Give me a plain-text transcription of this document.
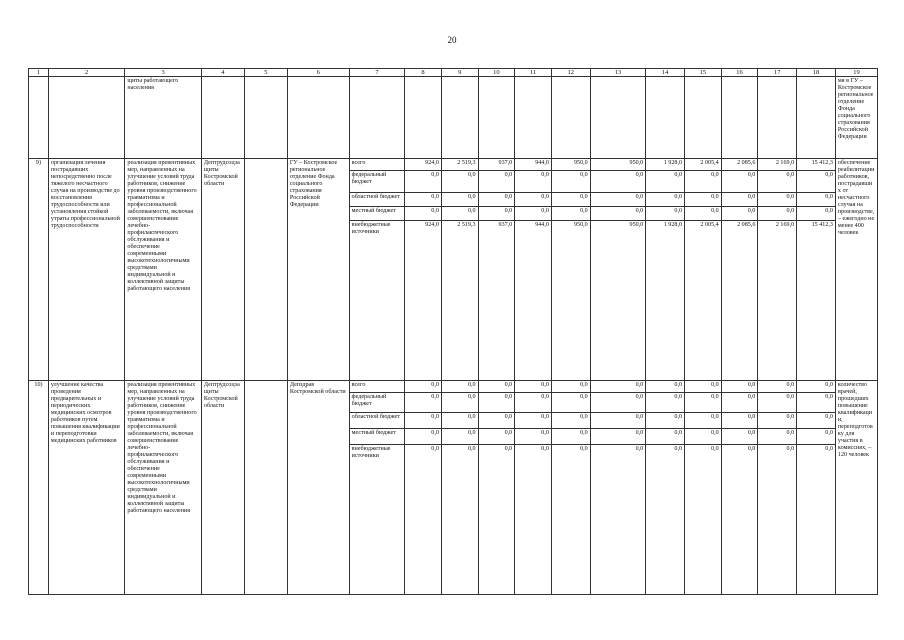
20
1	2	3	4	5	6	7	8	9	10	11	12	13	14	15	16	17	18	19
		щиты работающего населения																мя в ГУ – Костромское региональное отделение Фонда социального страхования Российской Федерации
9)	организация лечения пострадавших непосредственно после тяжелого несчастного случая на производстве до восстановления трудоспособности или установления стойкой утраты профессиональной трудоспособности	реализация превентивных мер, направленных на улучшение условий труда работников, снижение уровня производственного травматизма и профессиональной заболеваемости, включая совершенствование лечебно-профилактического обслуживания и обеспечение современными высокотехнологичными средствами индивидуальной и коллективной защиты работающего населения	Дептрудсоцзащиты Костромской области		ГУ – Костромское региональное отделение Фонда социального страхования Российской Федерации	всего	924,0	2 519,3	937,0	944,0	950,0	950,0	1 928,0	2 005,4	2 085,6	2 169,0	15 412,3	обеспечение реабилитации работников, пострадавших от несчастного случая на производстве, – ежегодно не менее 400 человек
						федеральный бюджет	0,0	0,0	0,0	0,0	0,0	0,0	0,0	0,0	0,0	0,0	0,0	
						областной бюджет	0,0	0,0	0,0	0,0	0,0	0,0	0,0	0,0	0,0	0,0	0,0	
						местный бюджет	0,0	0,0	0,0	0,0	0,0	0,0	0,0	0,0	0,0	0,0	0,0	
						внебюджетные источники	924,0	2 519,3	937,0	944,0	950,0	950,0	1 928,0	2 005,4	2 085,6	2 169,0	15 412,3	
10)	улучшение качества проведения предварительных и периодических медицинских осмотров работников путем повышения квалификации и переподготовки медицинских работников	реализация превентивных мер, направленных на улучшение условий труда работников, снижение уровня производственного травматизма и профессиональной заболеваемости, включая совершенствование лечебно-профилактического обслуживания и обеспечение современными высокотехнологичными средствами индивидуальной и коллективной защиты работающего населения	Дептрудсоцзащиты Костромской области		Депздрав Костромской области	всего	0,0	0,0	0,0	0,0	0,0	0,0	0,0	0,0	0,0	0,0	0,0	количество врачей, прошедших повышение квалификации, переподготовку для участия в комиссиях, – 120 человек
						федеральный бюджет	0,0	0,0	0,0	0,0	0,0	0,0	0,0	0,0	0,0	0,0	0,0	
						областной бюджет	0,0	0,0	0,0	0,0	0,0	0,0	0,0	0,0	0,0	0,0	0,0	
						местный бюджет	0,0	0,0	0,0	0,0	0,0	0,0	0,0	0,0	0,0	0,0	0,0	
						внебюджетные источники	0,0	0,0	0,0	0,0	0,0	0,0	0,0	0,0	0,0	0,0	0,0	
